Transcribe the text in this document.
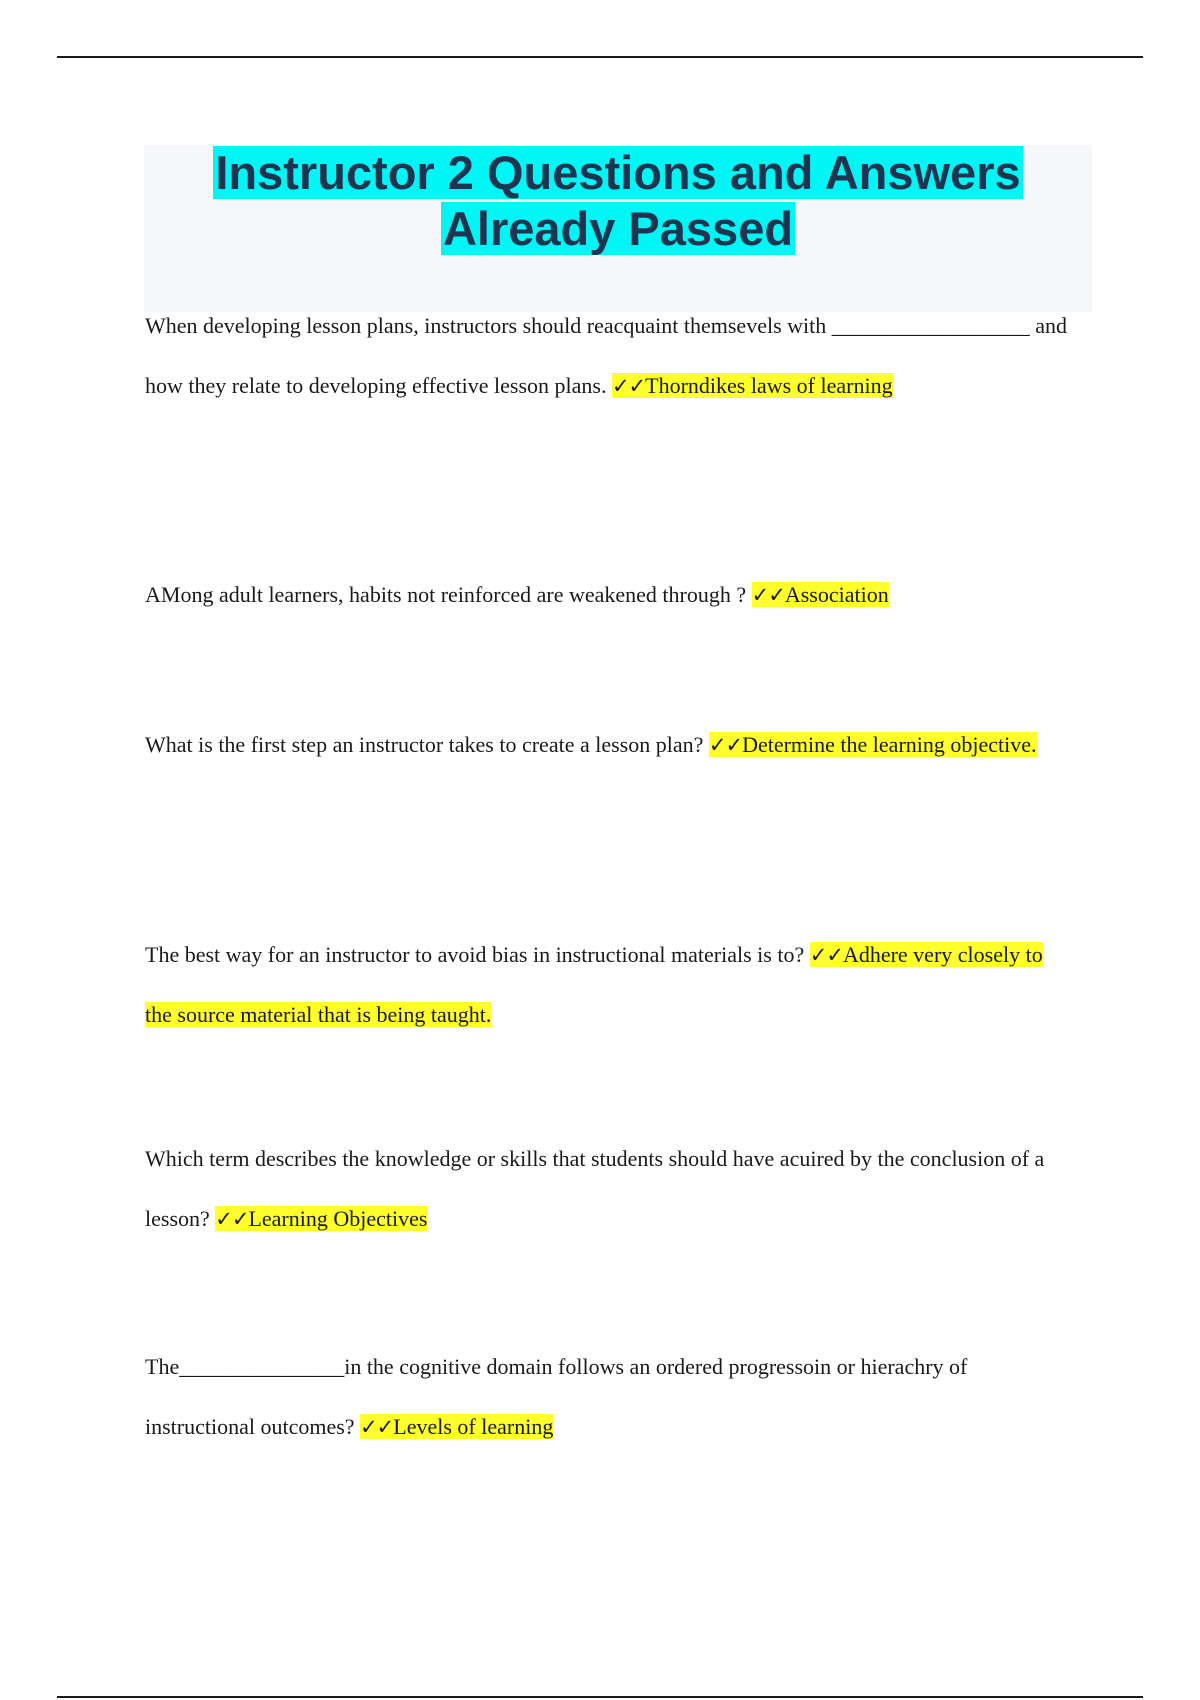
Instructor 2 Questions and Answers
Already Passed

When developing lesson plans, instructors should reacquaint themsevels with __________________ and how they relate to developing effective lesson plans. ✓✓Thorndikes laws of learning

AMong adult learners, habits not reinforced are weakened through ? ✓✓Association

What is the first step an instructor takes to create a lesson plan? ✓✓Determine the learning objective.

The best way for an instructor to avoid bias in instructional materials is to? ✓✓Adhere very closely to the source material that is being taught.

Which term describes the knowledge or skills that students should have acuired by the conclusion of a lesson? ✓✓Learning Objectives

The_______________in the cognitive domain follows an ordered progressoin or hierachry of instructional outcomes? ✓✓Levels of learning
